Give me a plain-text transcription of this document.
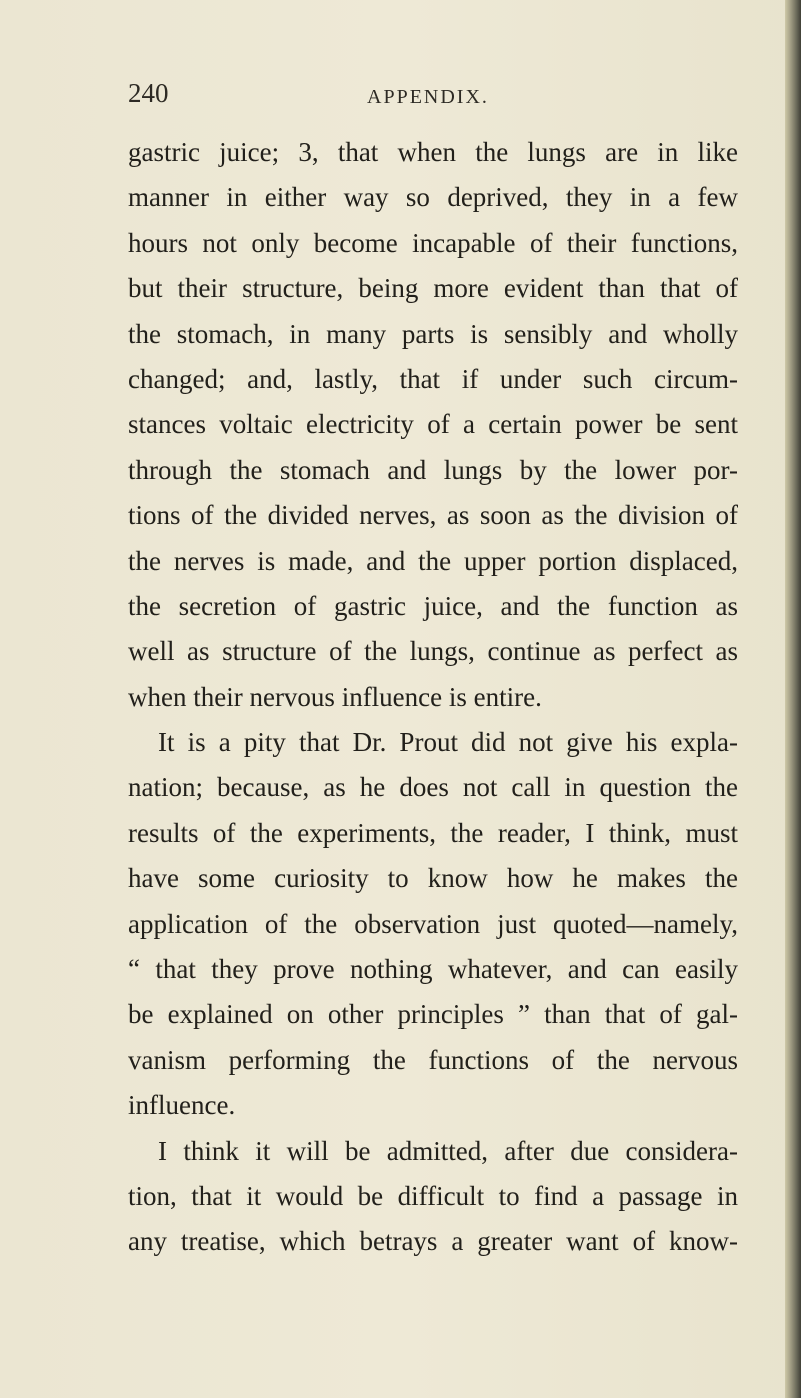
240	APPENDIX.
gastric juice; 3, that when the lungs are in like
manner in either way so deprived, they in a few
hours not only become incapable of their functions,
but their structure, being more evident than that of
the stomach, in many parts is sensibly and wholly
changed; and, lastly, that if under such circum-
stances voltaic electricity of a certain power be sent
through the stomach and lungs by the lower por-
tions of the divided nerves, as soon as the division of
the nerves is made, and the upper portion displaced,
the secretion of gastric juice, and the function as
well as structure of the lungs, continue as perfect as
when their nervous influence is entire.
It is a pity that Dr. Prout did not give his expla-
nation; because, as he does not call in question the
results of the experiments, the reader, I think, must
have some curiosity to know how he makes the
application of the observation just quoted—namely,
“ that they prove nothing whatever, and can easily
be explained on other principles ” than that of gal-
vanism performing the functions of the nervous
influence.
I think it will be admitted, after due considera-
tion, that it would be difficult to find a passage in
any treatise, which betrays a greater want of know-
